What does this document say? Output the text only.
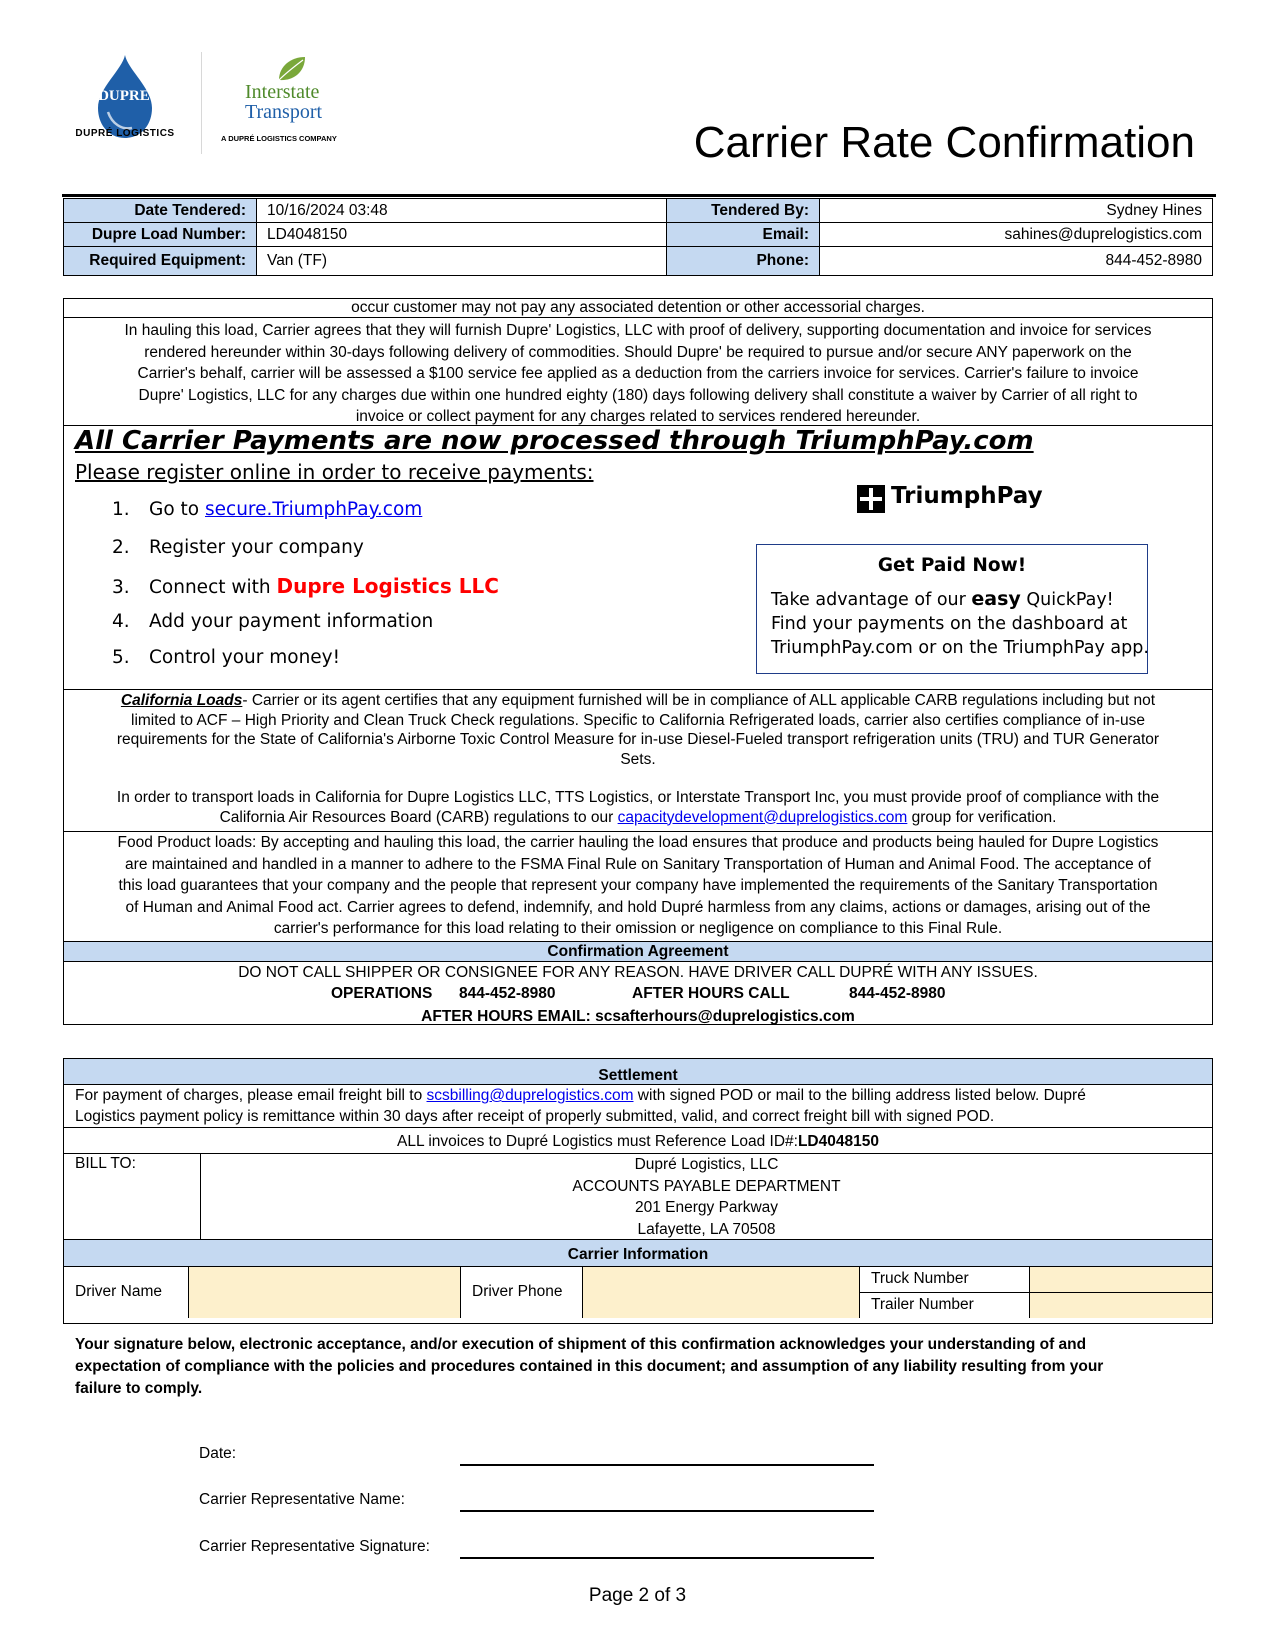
DUPRE'
DUPRÉ LOGISTICS
Interstate
Transport
A DUPRÉ LOGISTICS COMPANY	Carrier Rate Confirmation
Date Tendered:	10/16/2024 03:48	Tendered By:	Sydney Hines
Dupre Load Number:	LD4048150	Email:	sahines@duprelogistics.com
Required Equipment:	Van (TF)	Phone:	844-452-8980
occur customer may not pay any associated detention or other accessorial charges.
In hauling this load, Carrier agrees that they will furnish Dupre' Logistics, LLC with proof of delivery, supporting documentation and invoice for services
rendered hereunder within 30-days following delivery of commodities. Should Dupre' be required to pursue and/or secure ANY paperwork on the
Carrier's behalf, carrier will be assessed a $100 service fee applied as a deduction from the carriers invoice for services. Carrier's failure to invoice
Dupre' Logistics, LLC for any charges due within one hundred eighty (180) days following delivery shall constitute a waiver by Carrier of all right to
invoice or collect payment for any charges related to services rendered hereunder.
All Carrier Payments are now processed through TriumphPay.com
Please register online in order to receive payments:
1. Go to secure.TriumphPay.com
2. Register your company
3. Connect with Dupre Logistics LLC
4. Add your payment information
5. Control your money!
TriumphPay
Get Paid Now!
Take advantage of our easy QuickPay!
Find your payments on the dashboard at
TriumphPay.com or on the TriumphPay app.
California Loads- Carrier or its agent certifies that any equipment furnished will be in compliance of ALL applicable CARB regulations including but not
limited to ACF – High Priority and Clean Truck Check regulations. Specific to California Refrigerated loads, carrier also certifies compliance of in-use
requirements for the State of California's Airborne Toxic Control Measure for in-use Diesel-Fueled transport refrigeration units (TRU) and TUR Generator
Sets.
In order to transport loads in California for Dupre Logistics LLC, TTS Logistics, or Interstate Transport Inc, you must provide proof of compliance with the
California Air Resources Board (CARB) regulations to our capacitydevelopment@duprelogistics.com group for verification.
Food Product loads: By accepting and hauling this load, the carrier hauling the load ensures that produce and products being hauled for Dupre Logistics
are maintained and handled in a manner to adhere to the FSMA Final Rule on Sanitary Transportation of Human and Animal Food. The acceptance of
this load guarantees that your company and the people that represent your company have implemented the requirements of the Sanitary Transportation
of Human and Animal Food act. Carrier agrees to defend, indemnify, and hold Dupré harmless from any claims, actions or damages, arising out of the
carrier's performance for this load relating to their omission or negligence on compliance to this Final Rule.
Confirmation Agreement
DO NOT CALL SHIPPER OR CONSIGNEE FOR ANY REASON. HAVE DRIVER CALL DUPRÉ WITH ANY ISSUES.
OPERATIONS 844-452-8980	AFTER HOURS CALL	844-452-8980
AFTER HOURS EMAIL: scsafterhours@duprelogistics.com
Settlement
For payment of charges, please email freight bill to scsbilling@duprelogistics.com with signed POD or mail to the billing address listed below. Dupré
Logistics payment policy is remittance within 30 days after receipt of properly submitted, valid, and correct freight bill with signed POD.
ALL invoices to Dupré Logistics must Reference Load ID#:LD4048150
BILL TO:	Dupré Logistics, LLC
ACCOUNTS PAYABLE DEPARTMENT
201 Energy Parkway
Lafayette, LA 70508
Carrier Information
Driver Name	Driver Phone
Truck Number
Trailer Number
Your signature below, electronic acceptance, and/or execution of shipment of this confirmation acknowledges your understanding of and
expectation of compliance with the policies and procedures contained in this document; and assumption of any liability resulting from your
failure to comply.
Date:
Carrier Representative Name:
Carrier Representative Signature:
Page 2 of 3
